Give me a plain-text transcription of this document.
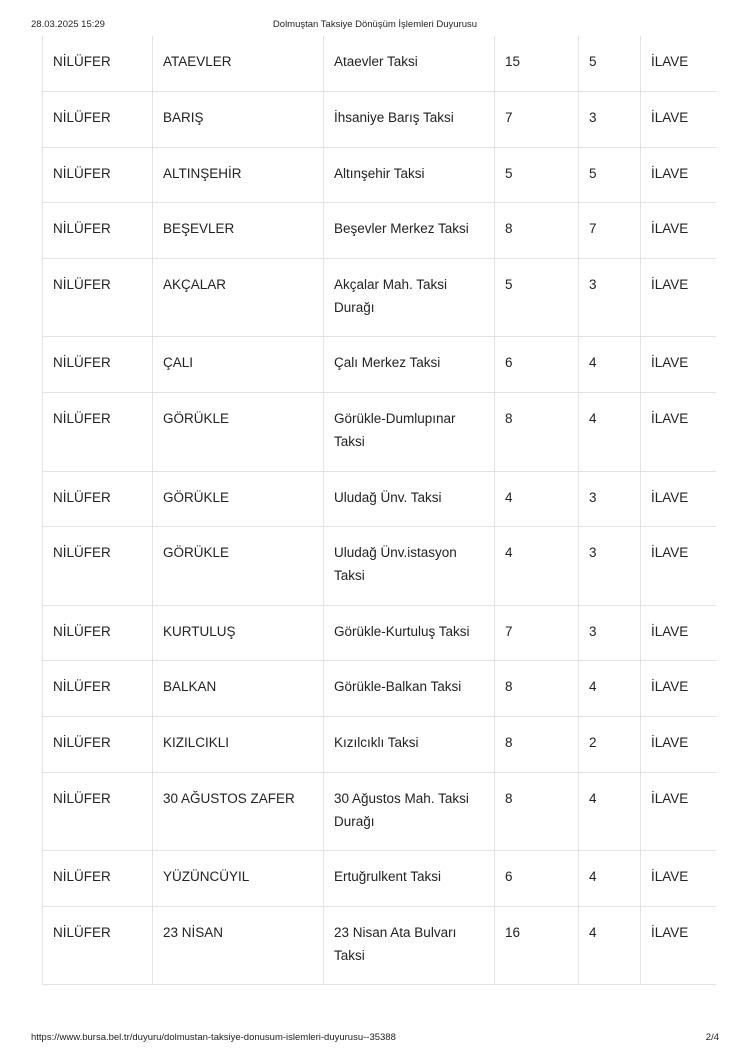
28.03.2025 15:29	Dolmuştan Taksiye Dönüşüm İşlemleri Duyurusu
NİLÜFER	ATAEVLER	Ataevler Taksi	15	5	İLAVE
NİLÜFER	BARIŞ	İhsaniye Barış Taksi	7	3	İLAVE
NİLÜFER	ALTINŞEHİR	Altınşehir Taksi	5	5	İLAVE
NİLÜFER	BEŞEVLER	Beşevler Merkez Taksi	8	7	İLAVE
NİLÜFER	AKÇALAR	Akçalar Mah. Taksi Durağı	5	3	İLAVE
NİLÜFER	ÇALI	Çalı Merkez Taksi	6	4	İLAVE
NİLÜFER	GÖRÜKLE	Görükle-Dumlupınar Taksi	8	4	İLAVE
NİLÜFER	GÖRÜKLE	Uludağ Ünv. Taksi	4	3	İLAVE
NİLÜFER	GÖRÜKLE	Uludağ Ünv.istasyon Taksi	4	3	İLAVE
NİLÜFER	KURTULUŞ	Görükle-Kurtuluş Taksi	7	3	İLAVE
NİLÜFER	BALKAN	Görükle-Balkan Taksi	8	4	İLAVE
NİLÜFER	KIZILCIKLI	Kızılcıklı Taksi	8	2	İLAVE
NİLÜFER	30 AĞUSTOS ZAFER	30 Ağustos Mah. Taksi Durağı	8	4	İLAVE
NİLÜFER	YÜZÜNCÜYIL	Ertuğrulkent Taksi	6	4	İLAVE
NİLÜFER	23 NİSAN	23 Nisan Ata Bulvarı Taksi	16	4	İLAVE
https://www.bursa.bel.tr/duyuru/dolmustan-taksiye-donusum-islemleri-duyurusu--35388	2/4
